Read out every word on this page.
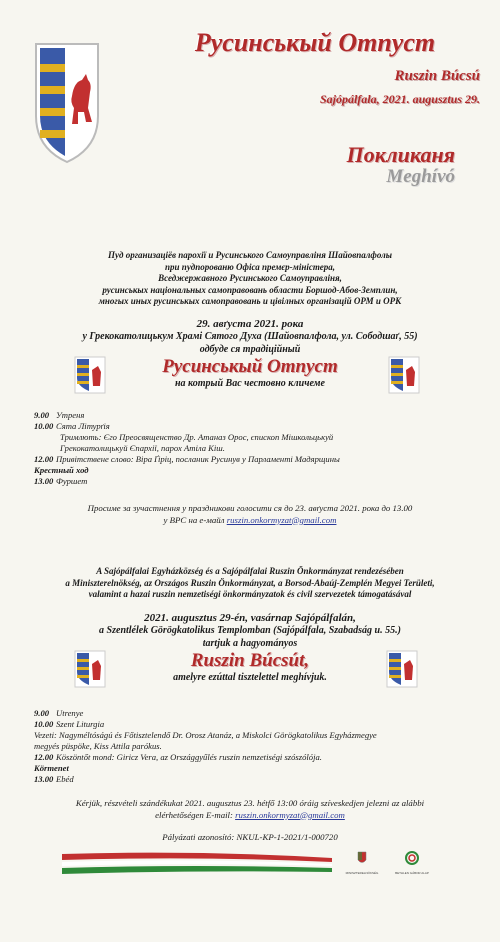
Русинськый Отпуст
Ruszin Búcsú
Sajópálfala, 2021. augusztus 29.
Покликаня
Meghívó
Пуд организаціёв парохії и Русинського Самоуправліня Шайовпалфолы
при пудпорованю Офіса премєр-міністера,
Вседжержавного Русинського Самоуправліня,
русинськых національных самоправовань области Боршод-Абов-Земплин,
многых иных русинськых самоправовань и цівілных організацій ОРМ и ОРК
29. авґуста 2021. рока
у Грекокатолицькум Храмі Сятого Духа (Шайовпалфола, ул. Сободшаґ, 55)
одбуде ся традіційный
Русинськый Отпуст
на котрый Вас честовно кличеме
9.00 Утреня
10.00 Сята Літурґія
Тримлють: Єго Преосвященство Др. Атаназ Орос, єпископ Мішкольцькуй
Грекокатолицькуй Єпархії, парох Атіла Кіш.
12.00 Привітствене слово: Віра Ґіріц, посланик Русинув у Парламенті Мадярщины
Крестный ход
13.00 Фуршет
Просиме за зучастнення у праздникови голосити ся до 23. авґуста 2021. рока до 13.00
у ВРС на е-майл ruszin.onkormyzat@gmail.com
A Sajópálfalai Egyházközség és a Sajópálfalai Ruszin Önkormányzat rendezésében
a Miniszterelnökség, az Országos Ruszin Önkormányzat, a Borsod-Abaúj-Zemplén Megyei Területi,
valamint a hazai ruszin nemzetiségi önkormányzatok és civil szervezetek támogatásával
2021. augusztus 29-én, vasárnap Sajópálfalán,
a Szentlélek Görögkatolikus Templomban (Sajópálfala, Szabadság u. 55.)
tartjuk a hagyományos
Ruszin Búcsút,
amelyre ezúttal tisztelettel meghívjuk.
9.00 Utrenye
10.00 Szent Liturgia
Vezeti: Nagyméltóságú és Főtisztelendő Dr. Orosz Atanáz, a Miskolci Görögkatolikus Egyházmegye
megyés püspöke, Kiss Attila parókus.
12.00 Köszöntőt mond: Giricz Vera, az Országgyűlés ruszin nemzetiségi szószólója.
Körmenet
13.00 Ebéd
Kérjük, részvételi szándékukat 2021. augusztus 23. hétfő 13:00 óráig szíveskedjen jelezni az alábbi
elérhetőségen E-mail: ruszin.onkormyzat@gmail.com
Pályázati azonosító: NKUL-KP-1-2021/1-000720
MINISZTERELNÖKSÉG	BETHLEN GÁBOR ALAP
